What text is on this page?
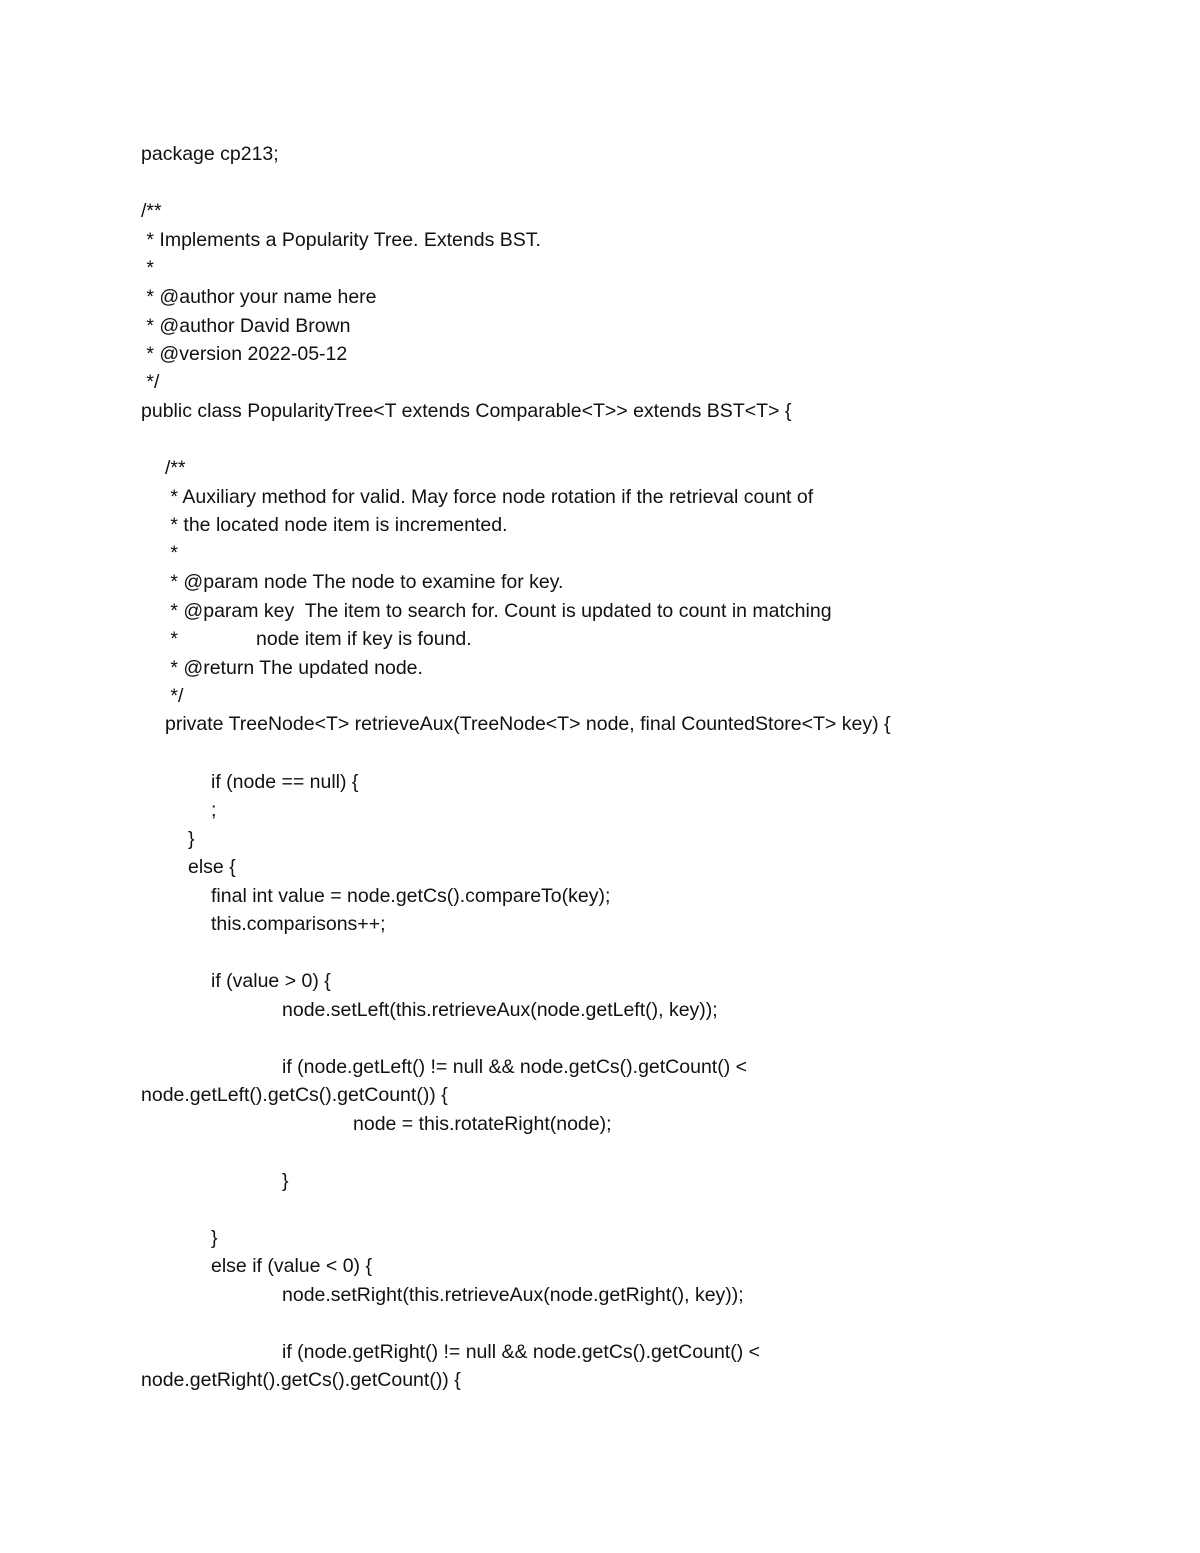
package cp213;

/**

* Implements a Popularity Tree. Extends BST.

*

* @author your name here

* @author David Brown

* @version 2022-05-12

*/

public class PopularityTree<T extends Comparable<T>> extends BST<T> {

/**

* Auxiliary method for valid. May force node rotation if the retrieval count of

* the located node item is incremented.

*

* @param node The node to examine for key.

* @param key  The item to search for. Count is updated to count in matching

*	node item if key is found.

* @return The updated node.

*/

private TreeNode<T> retrieveAux(TreeNode<T> node, final CountedStore<T> key) {

if (node == null) {

;

}

else {

final int value = node.getCs().compareTo(key);

this.comparisons++;

if (value > 0) {

node.setLeft(this.retrieveAux(node.getLeft(), key));

if (node.getLeft() != null && node.getCs().getCount() <

node.getLeft().getCs().getCount()) {

node = this.rotateRight(node);

}

}

else if (value < 0) {

node.setRight(this.retrieveAux(node.getRight(), key));

if (node.getRight() != null && node.getCs().getCount() <

node.getRight().getCs().getCount()) {
